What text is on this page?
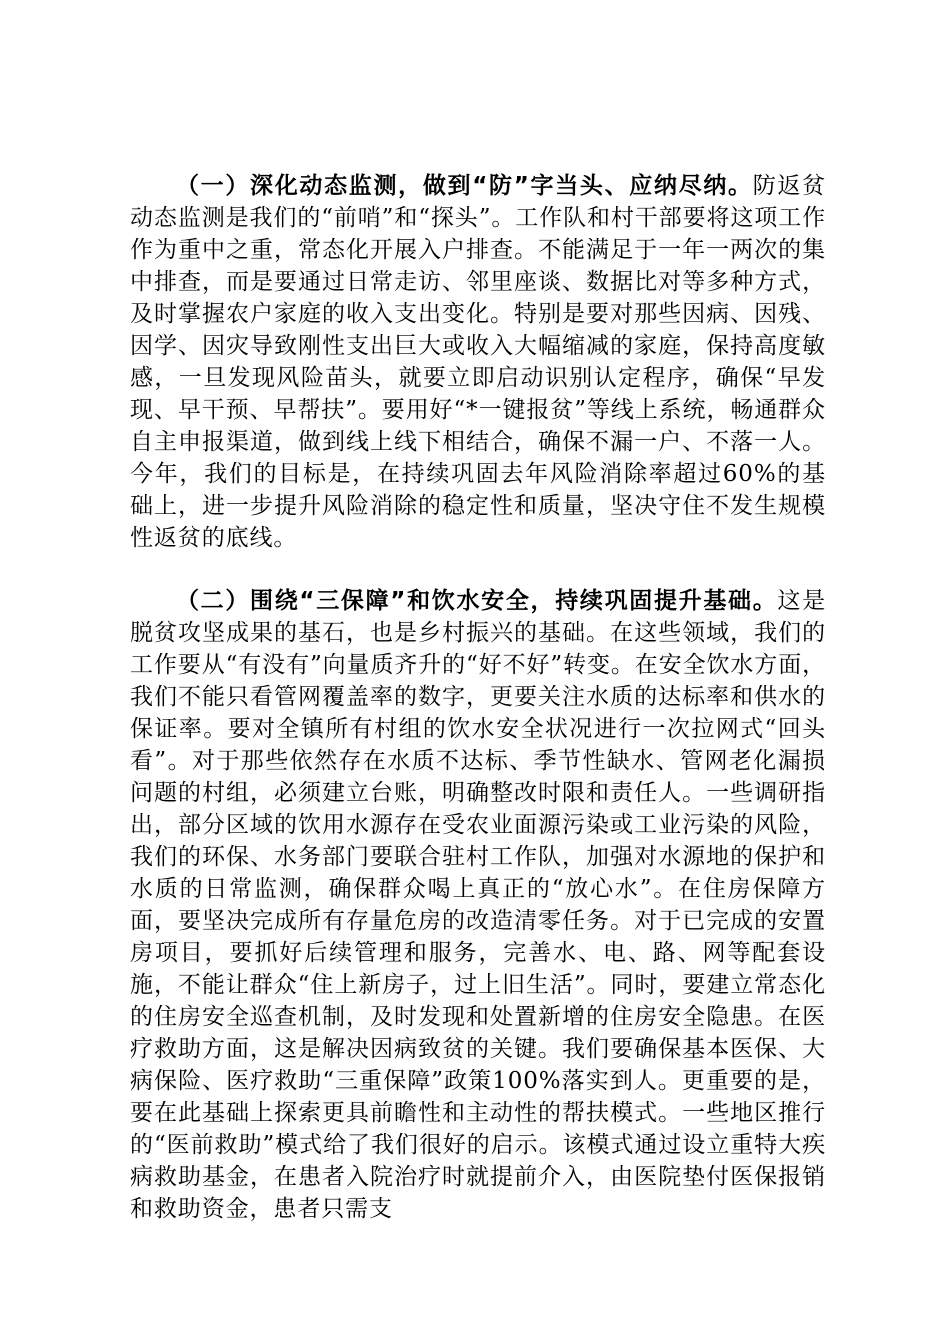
（一）深化动态监测，做到“防”字当头、应纳尽纳。防返贫动态监测是我们的“前哨”和“探头”。工作队和村干部要将这项工作作为重中之重，常态化开展入户排查。不能满足于一年一两次的集中排查，而是要通过日常走访、邻里座谈、数据比对等多种方式，及时掌握农户家庭的收入支出变化。特别是要对那些因病、因残、因学、因灾导致刚性支出巨大或收入大幅缩减的家庭，保持高度敏感，一旦发现风险苗头，就要立即启动识别认定程序，确保“早发现、早干预、早帮扶”。要用好“*一键报贫”等线上系统，畅通群众自主申报渠道，做到线上线下相结合，确保不漏一户、不落一人。今年，我们的目标是，在持续巩固去年风险消除率超过60%的基础上，进一步提升风险消除的稳定性和质量，坚决守住不发生规模性返贫的底线。

（二）围绕“三保障”和饮水安全，持续巩固提升基础。这是脱贫攻坚成果的基石，也是乡村振兴的基础。在这些领域，我们的工作要从“有没有”向量质齐升的“好不好”转变。在安全饮水方面，我们不能只看管网覆盖率的数字，更要关注水质的达标率和供水的保证率。要对全镇所有村组的饮水安全状况进行一次拉网式“回头看”。对于那些依然存在水质不达标、季节性缺水、管网老化漏损问题的村组，必须建立台账，明确整改时限和责任人。一些调研指出，部分区域的饮用水源存在受农业面源污染或工业污染的风险，我们的环保、水务部门要联合驻村工作队，加强对水源地的保护和水质的日常监测，确保群众喝上真正的“放心水”。在住房保障方面，要坚决完成所有存量危房的改造清零任务。对于已完成的安置房项目，要抓好后续管理和服务，完善水、电、路、网等配套设施，不能让群众“住上新房子，过上旧生活”。同时，要建立常态化的住房安全巡查机制，及时发现和处置新增的住房安全隐患。在医疗救助方面，这是解决因病致贫的关键。我们要确保基本医保、大病保险、医疗救助“三重保障”政策100%落实到人。更重要的是，要在此基础上探索更具前瞻性和主动性的帮扶模式。一些地区推行的“医前救助”模式给了我们很好的启示。该模式通过设立重特大疾病救助基金，在患者入院治疗时就提前介入，由医院垫付医保报销和救助资金，患者只需支
